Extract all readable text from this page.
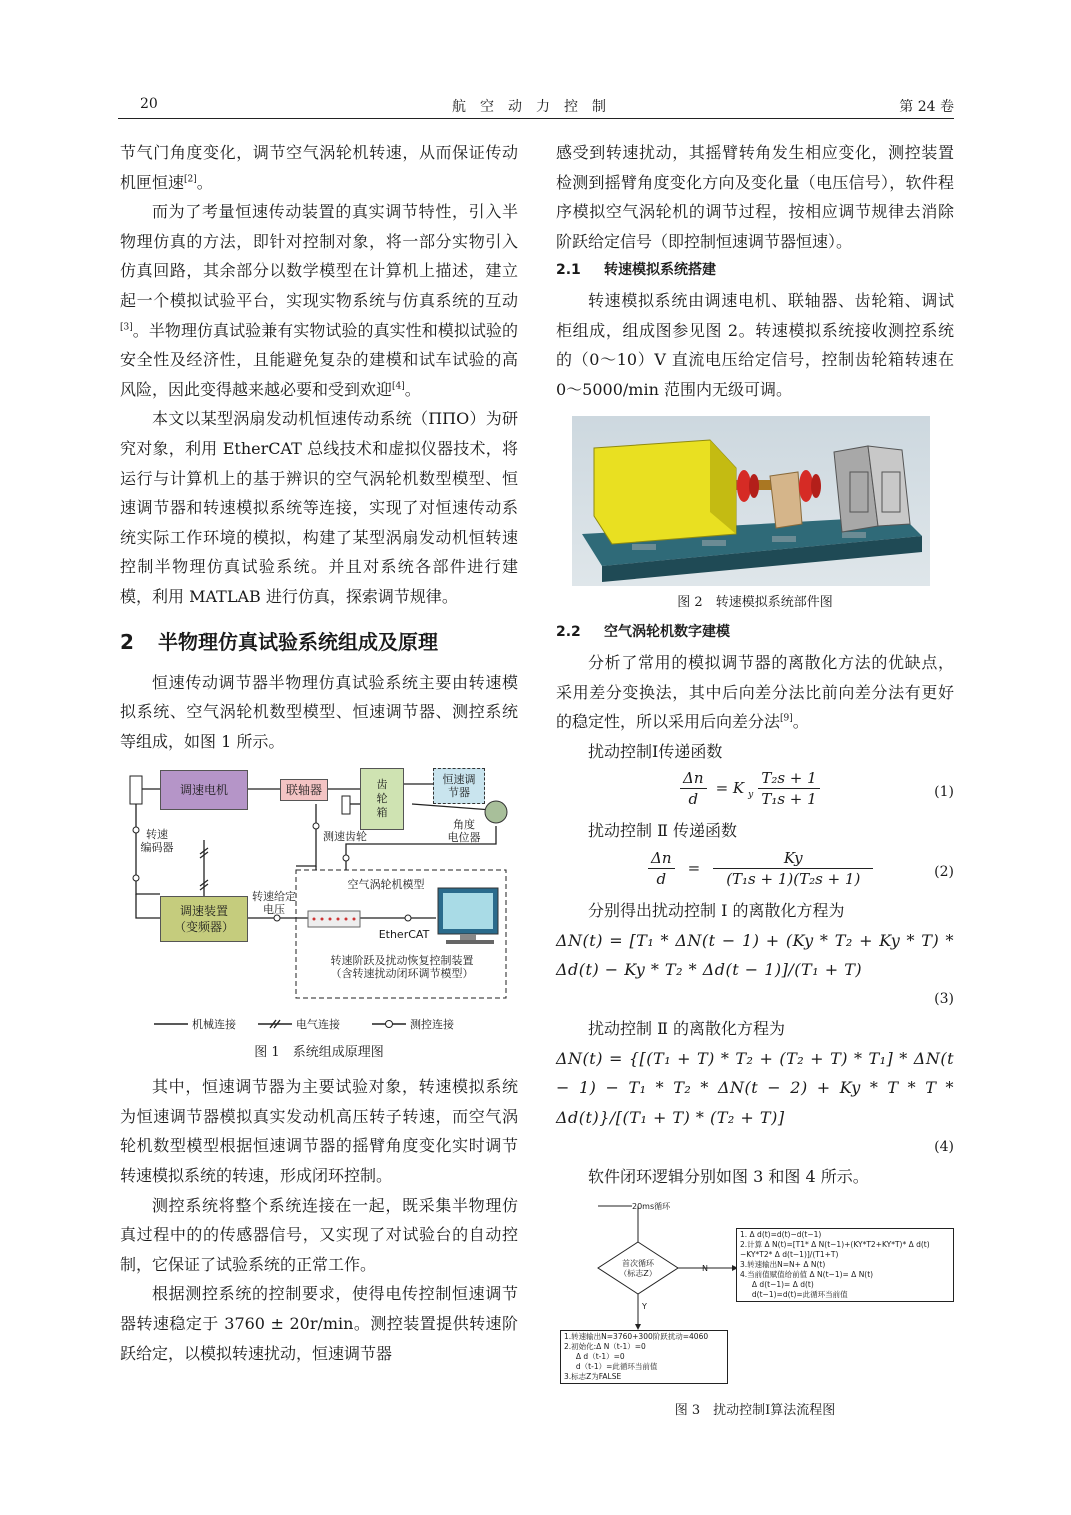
20	航空动力控制	第 24 卷

节气门角度变化，调节空气涡轮机转速，从而保证传动机匣恒速[2]。

而为了考量恒速传动装置的真实调节特性，引入半物理仿真的方法，即针对控制对象，将一部分实物引入仿真回路，其余部分以数学模型在计算机上描述，建立起一个模拟试验平台，实现实物系统与仿真系统的互动[3]。半物理仿真试验兼有实物试验的真实性和模拟试验的安全性及经济性，且能避免复杂的建模和试车试验的高风险，因此变得越来越必要和受到欢迎[4]。

本文以某型涡扇发动机恒速传动系统（ППО）为研究对象，利用 EtherCAT 总线技术和虚拟仪器技术，将运行与计算机上的基于辨识的空气涡轮机数型模型、恒速调节器和转速模拟系统等连接，实现了对恒速传动系统实际工作环境的模拟，构建了某型涡扇发动机恒转速控制半物理仿真试验系统。并且对系统各部件进行建模，利用 MATLAB 进行仿真，探索调节规律。

2 半物理仿真试验系统组成及原理

恒速传动调节器半物理仿真试验系统主要由转速模拟系统、空气涡轮机数型模型、恒速调节器、测控系统等组成，如图 1 所示。

调速电机	联轴器	齿
轮
箱
恒速调
节器
转速
编码器
测速齿轮
角度
电位器
转速给定
电压
调速装置
（变频器）
空气涡轮机模型
EtherCAT
转速阶跃及扰动恢复控制装置
（含转速扰动闭环调节模型）
机械连接	电气连接	测控连接
图 1　系统组成原理图

其中，恒速调节器为主要试验对象，转速模拟系统为恒速调节器模拟真实发动机高压转子转速，而空气涡轮机数型模型根据恒速调节器的摇臂角度变化实时调节转速模拟系统的转速，形成闭环控制。

测控系统将整个系统连接在一起，既采集半物理仿真过程中的的传感器信号，又实现了对试验台的自动控制，它保证了试验系统的正常工作。

根据测控系统的控制要求，使得电传控制恒速调节器转速稳定于 3760 ± 20r/min。测控装置提供转速阶跃给定，以模拟转速扰动，恒速调节器

感受到转速扰动，其摇臂转角发生相应变化，测控装置检测到摇臂角度变化方向及变化量（电压信号），软件程序模拟空气涡轮机的调节过程，按相应调节规律去消除阶跃给定信号（即控制恒速调节器恒速）。

2.1 转速模拟系统搭建

转速模拟系统由调速电机、联轴器、齿轮箱、调试柜组成，组成图参见图 2。转速模拟系统接收测控系统的（0～10）V 直流电压给定信号，控制齿轮箱转速在 0～5000/min 范围内无级可调。

图 2　转速模拟系统部件图

2.2 空气涡轮机数字建模

分析了常用的模拟调节器的离散化方法的优缺点，采用差分变换法，其中后向差分法比前向差分法有更好的稳定性，所以采用后向差分法[9]。

扰动控制Ⅰ传递函数

$\frac{\Delta n}{d} = K$ $_y \frac{\text{T₂s + 1}}{\text{T₁s + 1}}$	(1)

扰动控制 Ⅱ 传递函数

$\frac{\Delta n}{d} = \frac{Ky}{\text{(T₁s + 1)(T₂s + 1)}}$	(2)

分别得出扰动控制 Ⅰ 的离散化方程为

ΔN(t) = [T₁ * ΔN(t − 1) + (Ky * T₂ + Ky * T) * Δd(t) − Ky * T₂ * Δd(t − 1)]/(T₁ + T)

(3)

扰动控制 Ⅱ 的离散化方程为

ΔN(t) = {[(T₁ + T) * T₂ + (T₂ + T) * T₁] * ΔN(t − 1) − T₁ * T₂ * ΔN(t − 2) + Ky * T * T * Δd(t)}/[(T₁ + T) * (T₂ + T)]

(4)

软件闭环逻辑分别如图 3 和图 4 所示。

20ms循环
首次循环
（标志Z）
N
Y
1. Δ d(t)=d(t)−d(t−1)
2.计算 Δ N(t)=[T1* Δ N(t−1)+(KY*T2+KY*T)* Δ d(t)−KY*T2* Δ d(t−1)]/(T1+T)
3.转速输出N=N+ Δ N(t)
4.当前值赋值给前值 Δ N(t−1)= Δ N(t)
Δ d(t−1)= Δ d(t)
d(t−1)=d(t)=此循环当前值
1.转速输出N=3760+300阶跃扰动=4060
2.初始化:Δ N（t-1）=0
Δ d（t-1）=0
d（t-1）=此循环当前值
3.标志Z为FALSE
图 3　扰动控制Ⅰ算法流程图
